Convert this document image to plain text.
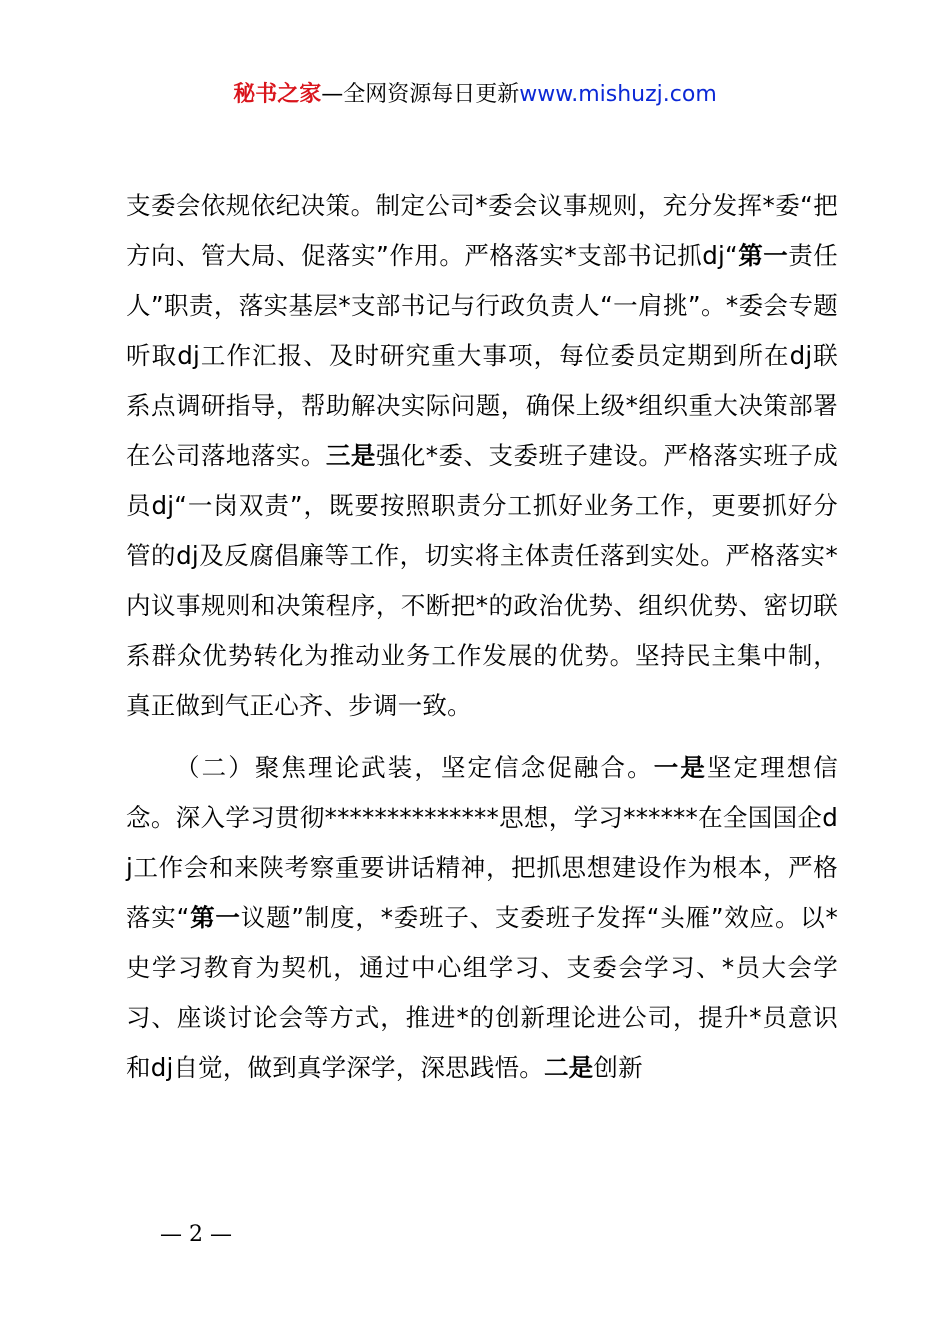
秘书之家—全网资源每日更新www.mishuzj.com

支委会依规依纪决策。制定公司*委会议事规则，充分发挥*委“把方向、管大局、促落实”作用。严格落实*支部书记抓dj“第一责任人”职责，落实基层*支部书记与行政负责人“一肩挑”。*委会专题听取dj工作汇报、及时研究重大事项，每位委员定期到所在dj联系点调研指导，帮助解决实际问题，确保上级*组织重大决策部署在公司落地落实。三是强化*委、支委班子建设。严格落实班子成员dj“一岗双责”，既要按照职责分工抓好业务工作，更要抓好分管的dj及反腐倡廉等工作，切实将主体责任落到实处。严格落实*内议事规则和决策程序，不断把*的政治优势、组织优势、密切联系群众优势转化为推动业务工作发展的优势。坚持民主集中制，真正做到气正心齐、步调一致。

（二）聚焦理论武装，坚定信念促融合。一是坚定理想信念。深入学习贯彻**************思想，学习******在全国国企dj工作会和来陕考察重要讲话精神，把抓思想建设作为根本，严格落实“第一议题”制度，*委班子、支委班子发挥“头雁”效应。以*史学习教育为契机，通过中心组学习、支委会学习、*员大会学习、座谈讨论会等方式，推进*的创新理论进公司，提升*员意识和dj自觉，做到真学深学，深思践悟。二是创新

— 2 —
